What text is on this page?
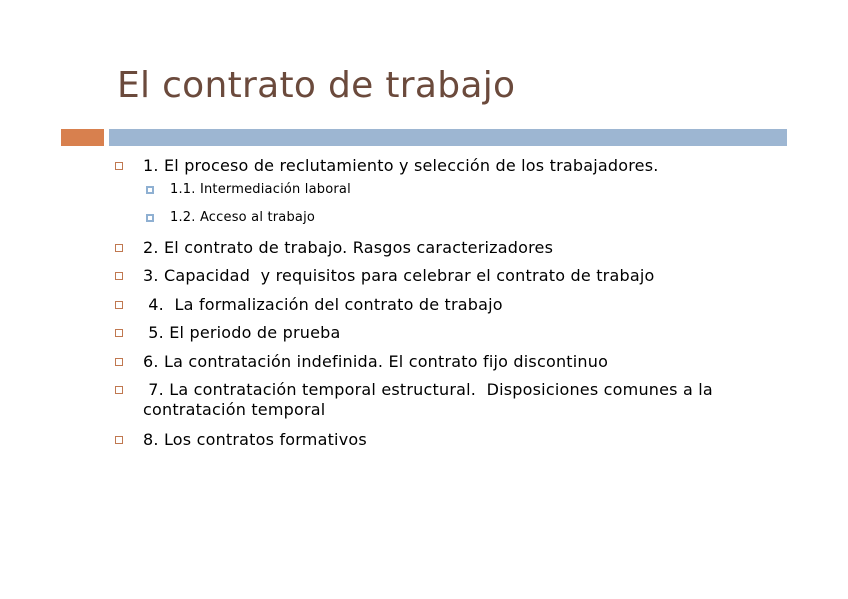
El contrato de trabajo
1. El proceso de reclutamiento y selección de los trabajadores.
1.1. Intermediación laboral
1.2. Acceso al trabajo
2. El contrato de trabajo. Rasgos caracterizadores
3. Capacidad  y requisitos para celebrar el contrato de trabajo
4.  La formalización del contrato de trabajo
5. El periodo de prueba
6. La contratación indefinida. El contrato fijo discontinuo
7. La contratación temporal estructural.  Disposiciones comunes a la contratación temporal
8. Los contratos formativos
